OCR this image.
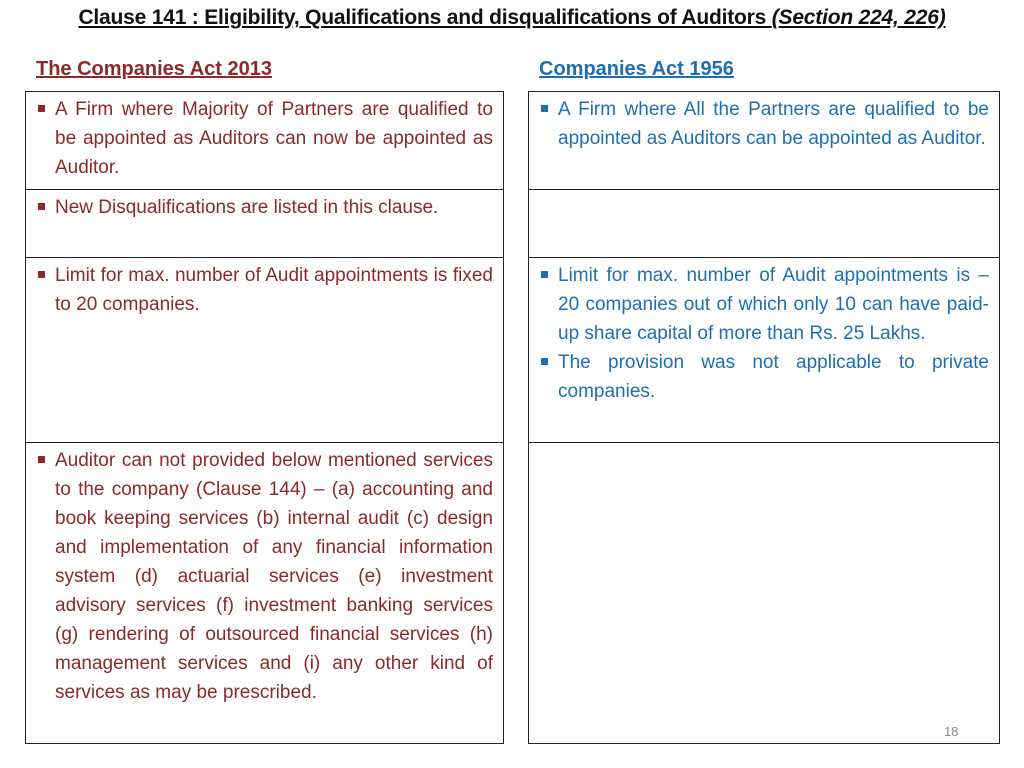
Clause 141 : Eligibility, Qualifications and disqualifications of Auditors (Section 224, 226)
The Companies Act 2013	Companies Act 1956

A Firm where Majority of Partners are qualified to be appointed as Auditors can now be appointed as Auditor.

A Firm where All the Partners are qualified to be appointed as Auditors can be appointed as Auditor.

New Disqualifications are listed in this clause.

Limit for max. number of Audit appointments is fixed to 20 companies.

Limit for max. number of Audit appointments is – 20 companies out of which only 10 can have paid-up share capital of more than Rs. 25 Lakhs.

The provision was not applicable to private companies.

Auditor can not provided below mentioned services to the company (Clause 144) – (a) accounting and book keeping services (b) internal audit (c) design and implementation of any financial information system (d) actuarial services (e) investment advisory services (f) investment banking services (g) rendering of outsourced financial services (h) management services and (i) any other kind of services as may be prescribed.

18
